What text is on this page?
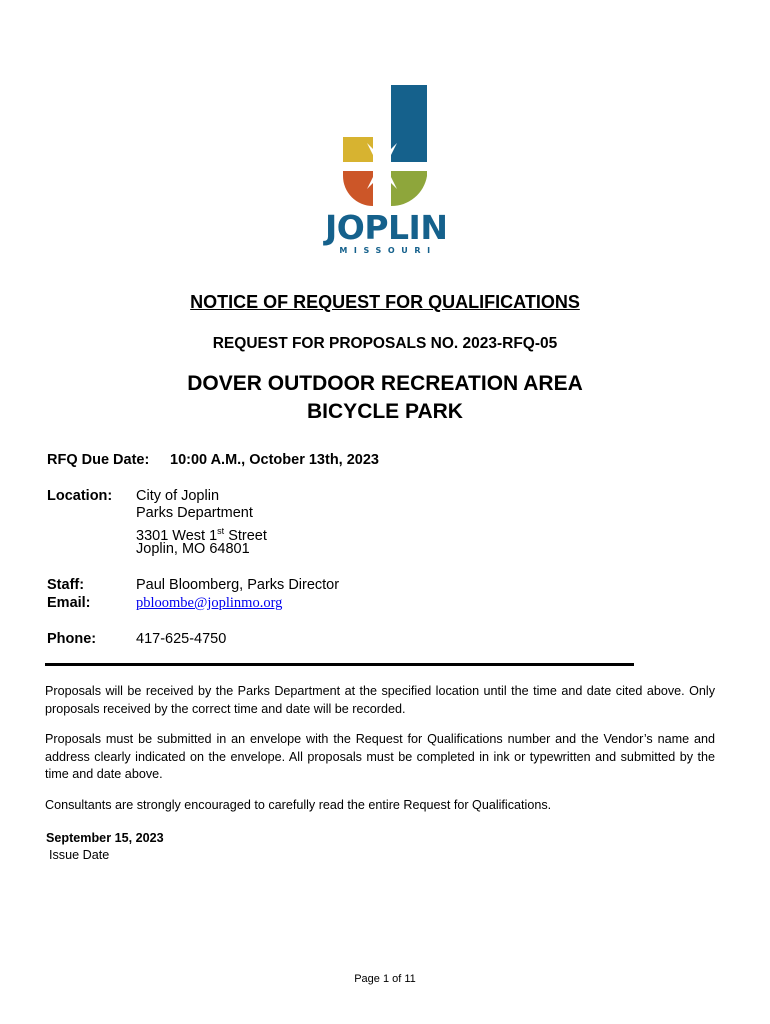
JOPLIN
MISSOURI
NOTICE OF REQUEST FOR QUALIFICATIONS
REQUEST FOR PROPOSALS NO. 2023-RFQ-05
DOVER OUTDOOR RECREATION AREA
BICYCLE PARK
RFQ Due Date: 10:00 A.M., October 13th, 2023
Location: City of Joplin
Parks Department
3301 West 1st Street
Joplin, MO 64801
Staff:	Paul Bloomberg, Parks Director
Email:	pbloombe@joplinmo.org
Phone:	417-625-4750
Proposals will be received by the Parks Department at the specified location until the time and date cited above. Only proposals received by the correct time and date will be recorded.
Proposals must be submitted in an envelope with the Request for Qualifications number and the Vendor’s name and address clearly indicated on the envelope. All proposals must be completed in ink or typewritten and submitted by the time and date above.
Consultants are strongly encouraged to carefully read the entire Request for Qualifications.
September 15, 2023
Issue Date
Page 1 of 11
